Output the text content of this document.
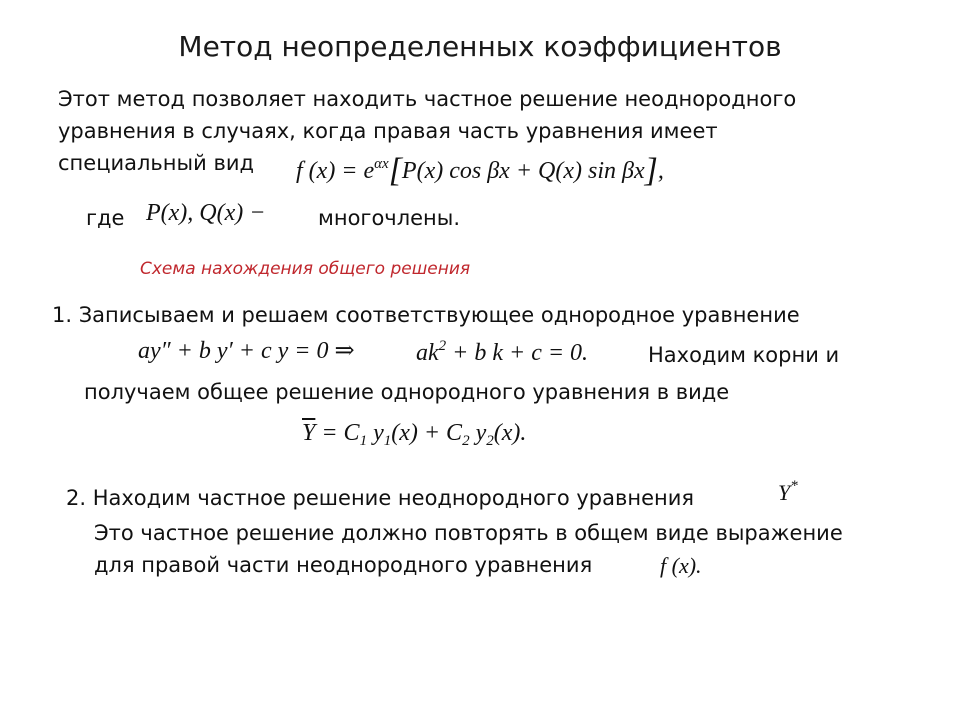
Метод неопределенных коэффициентов
Этот метод позволяет находить частное решение неоднородного
уравнения в случаях, когда правая часть уравнения имеет
специальный вид f $(x) = e^{\alpha x}[P(x)$ cos βx + Q(x) sin βx],
где P(x), Q(x) −	многочлены.
Схема нахождения общего решения
1. Записываем и решаем соответствующее однородное уравнение
ay″ + b y′ + c y = 0 ⇒	$ak^2 + b$ k + c = 0.	Находим корни и
получаем общее решение однородного уравнения в виде
$\overline{Y} = C_1$ $y_1(x) + C_2$ $y_2(x)$.
2. Находим частное решение неоднородного уравнения	Y*
Это частное решение должно повторять в общем виде выражение
для правой части неоднородного уравнения	f (x).
